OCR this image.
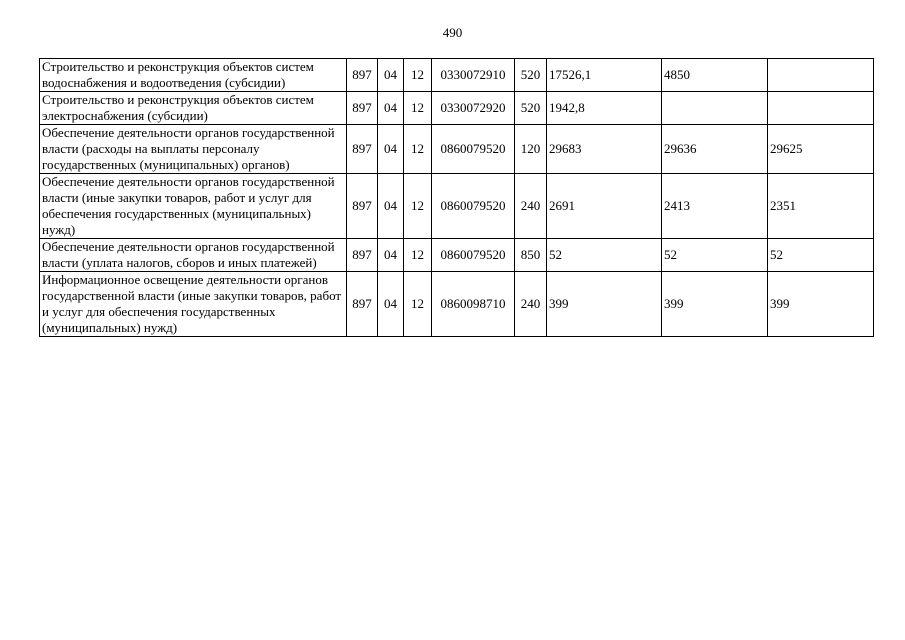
490
Строительство и реконструкция объектов систем водоснабжения и водоотведения (субсидии)	897	04	12	0330072910	520	17526,1	4850	
Строительство и реконструкция объектов систем электроснабжения (субсидии)	897	04	12	0330072920	520	1942,8		
Обеспечение деятельности органов государственной власти (расходы на выплаты персоналу государственных (муниципальных) органов)	897	04	12	0860079520	120	29683	29636	29625
Обеспечение деятельности органов государственной власти (иные закупки товаров, работ и услуг для обеспечения государственных (муниципальных) нужд)	897	04	12	0860079520	240	2691	2413	2351
Обеспечение деятельности органов государственной власти (уплата налогов, сборов и иных платежей)	897	04	12	0860079520	850	52	52	52
Информационное освещение деятельности органов государственной власти (иные закупки товаров, работ и услуг для обеспечения государственных (муниципальных) нужд)	897	04	12	0860098710	240	399	399	399
